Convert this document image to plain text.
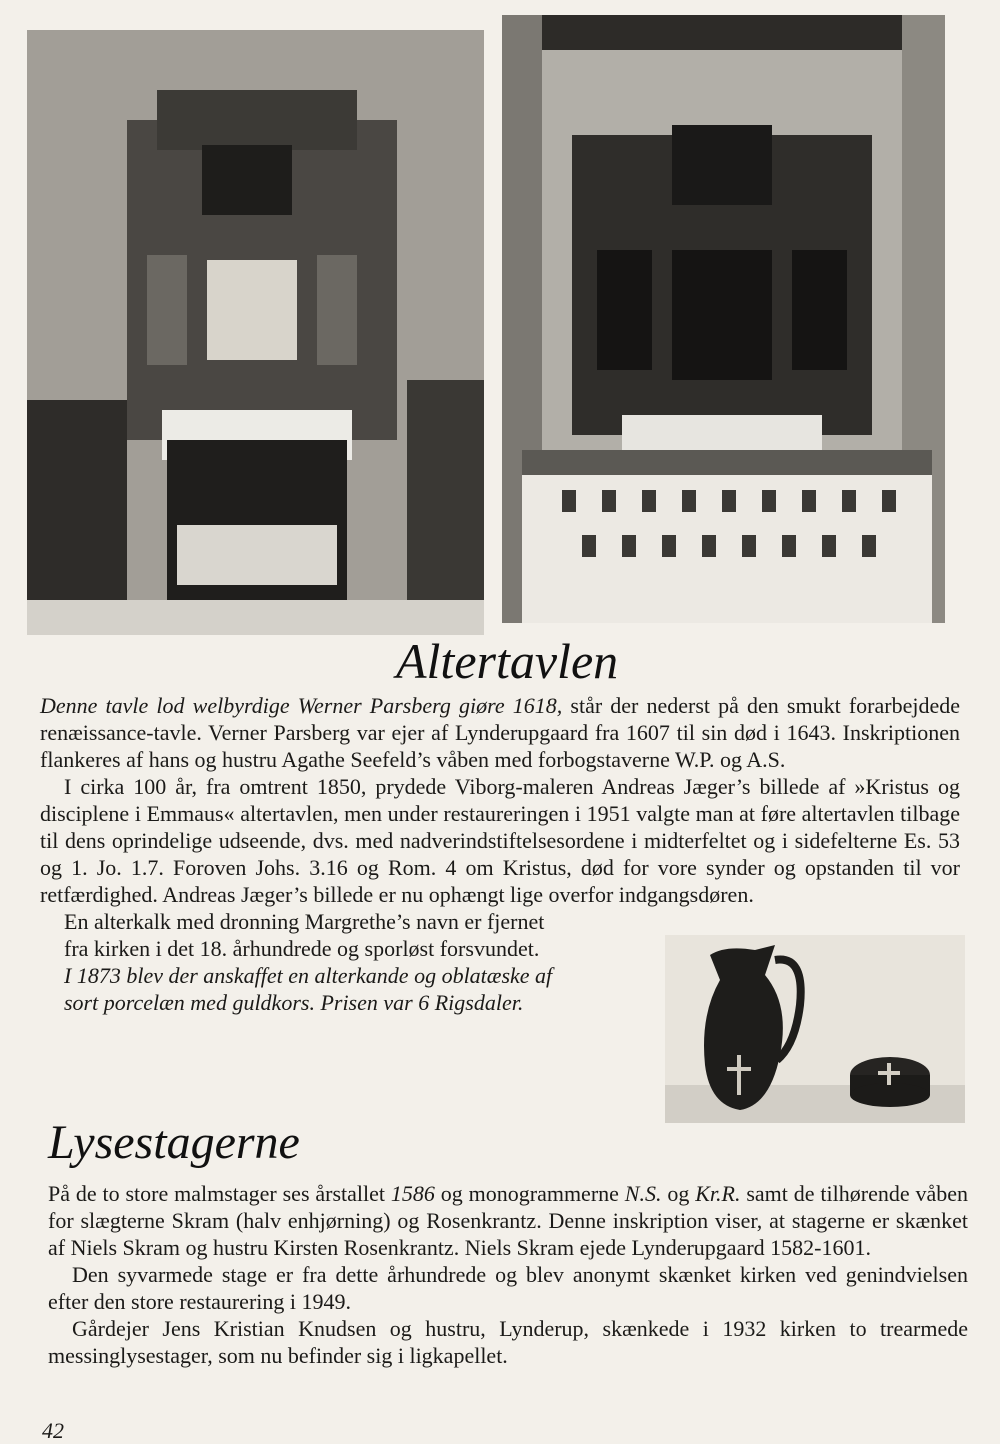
Altertavlen

Denne tavle lod welbyrdige Werner Parsberg giøre 1618, står der nederst på den smukt forarbejdede renæissance-tavle. Verner Parsberg var ejer af Lynderupgaard fra 1607 til sin død i 1643. Inskriptionen flankeres af hans og hustru Agathe Seefeld’s våben med forbogstaverne W.P. og A.S.

I cirka 100 år, fra omtrent 1850, prydede Viborg-maleren Andreas Jæger’s billede af »Kristus og disciplene i Emmaus« altertavlen, men under restaureringen i 1951 valgte man at føre altertavlen tilbage til dens oprindelige udseende, dvs. med nadverindstiftelsesordene i midterfeltet og i sidefelterne Es. 53 og 1. Jo. 1.7. Foroven Johs. 3.16 og Rom. 4 om Kristus, død for vore synder og opstanden til vor retfærdighed. Andreas Jæger’s billede er nu ophængt lige overfor indgangsdøren.

En alterkalk med dronning Margrethe’s navn er fjernet
fra kirken i det 18. århundrede og sporløst forsvundet.

I 1873 blev der anskaffet en alterkande og oblatæske af
sort porcelæn med guldkors. Prisen var 6 Rigsdaler.

Lysestagerne

På de to store malmstager ses årstallet 1586 og monogrammerne N.S. og Kr.R. samt de tilhørende våben for slægterne Skram (halv enhjørning) og Rosenkrantz. Denne inskription viser, at stagerne er skænket af Niels Skram og hustru Kirsten Rosenkrantz. Niels Skram ejede Lynderupgaard 1582-1601.

Den syvarmede stage er fra dette århundrede og blev anonymt skænket kirken ved genindvielsen efter den store restaurering i 1949.

Gårdejer Jens Kristian Knudsen og hustru, Lynderup, skænkede i 1932 kirken to trearmede messinglysestager, som nu befinder sig i ligkapellet.

42
